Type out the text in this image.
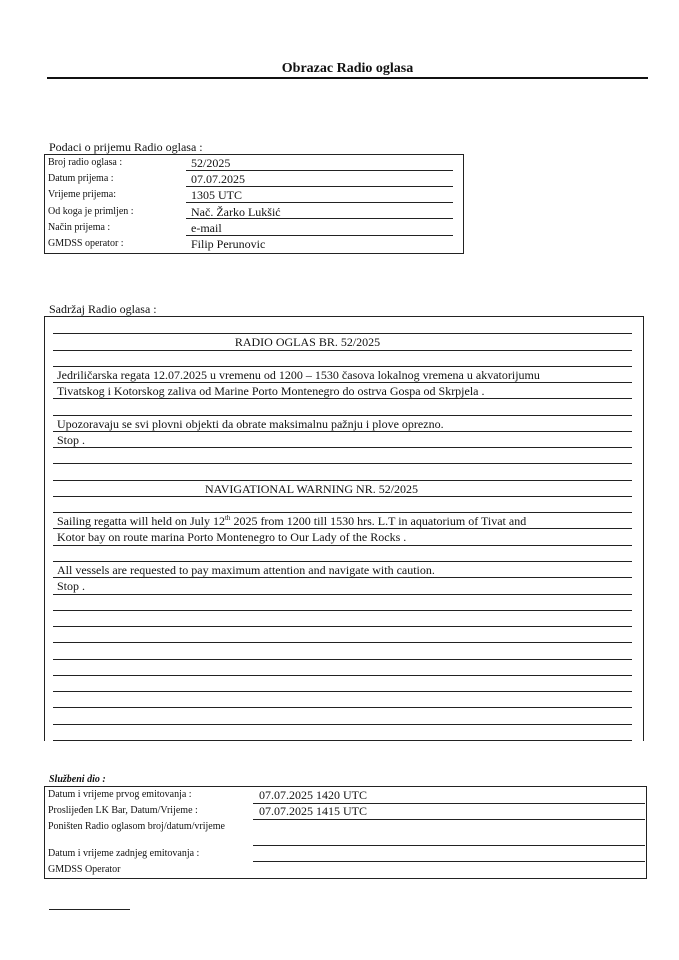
Obrazac Radio oglasa
Podaci o prijemu Radio oglasa :
Broj radio oglasa :	52/2025
Datum prijema :	07.07.2025
Vrijeme prijema:	1305 UTC
Od koga je primljen :	Nač. Žarko Lukšić
Način prijema :	e-mail
GMDSS operator :	Filip Perunovic
Sadržaj Radio oglasa :
RADIO OGLAS BR. 52/2025
Jedriličarska regata 12.07.2025 u vremenu od 1200 – 1530 časova lokalnog vremena u akvatorijumu
Tivatskog i Kotorskog zaliva od Marine Porto Montenegro do ostrva Gospa od Skrpjela .
Upozoravaju se svi plovni objekti da obrate maksimalnu pažnju i plove oprezno.
Stop .
NAVIGATIONAL WARNING NR. 52/2025
Sailing regatta will held on July 12th 2025 from 1200 till 1530 hrs. L.T in aquatorium of Tivat and
Kotor bay on route marina Porto Montenegro to Our Lady of the Rocks .
All vessels are requested to pay maximum attention and navigate with caution.
Stop .
Službeni dio :
Datum i vrijeme prvog emitovanja :	07.07.2025 1420 UTC
Proslijeđen LK Bar, Datum/Vrijeme :	07.07.2025 1415 UTC
Poništen Radio oglasom broj/datum/vrijeme
Datum i vrijeme zadnjeg emitovanja :
GMDSS Operator
